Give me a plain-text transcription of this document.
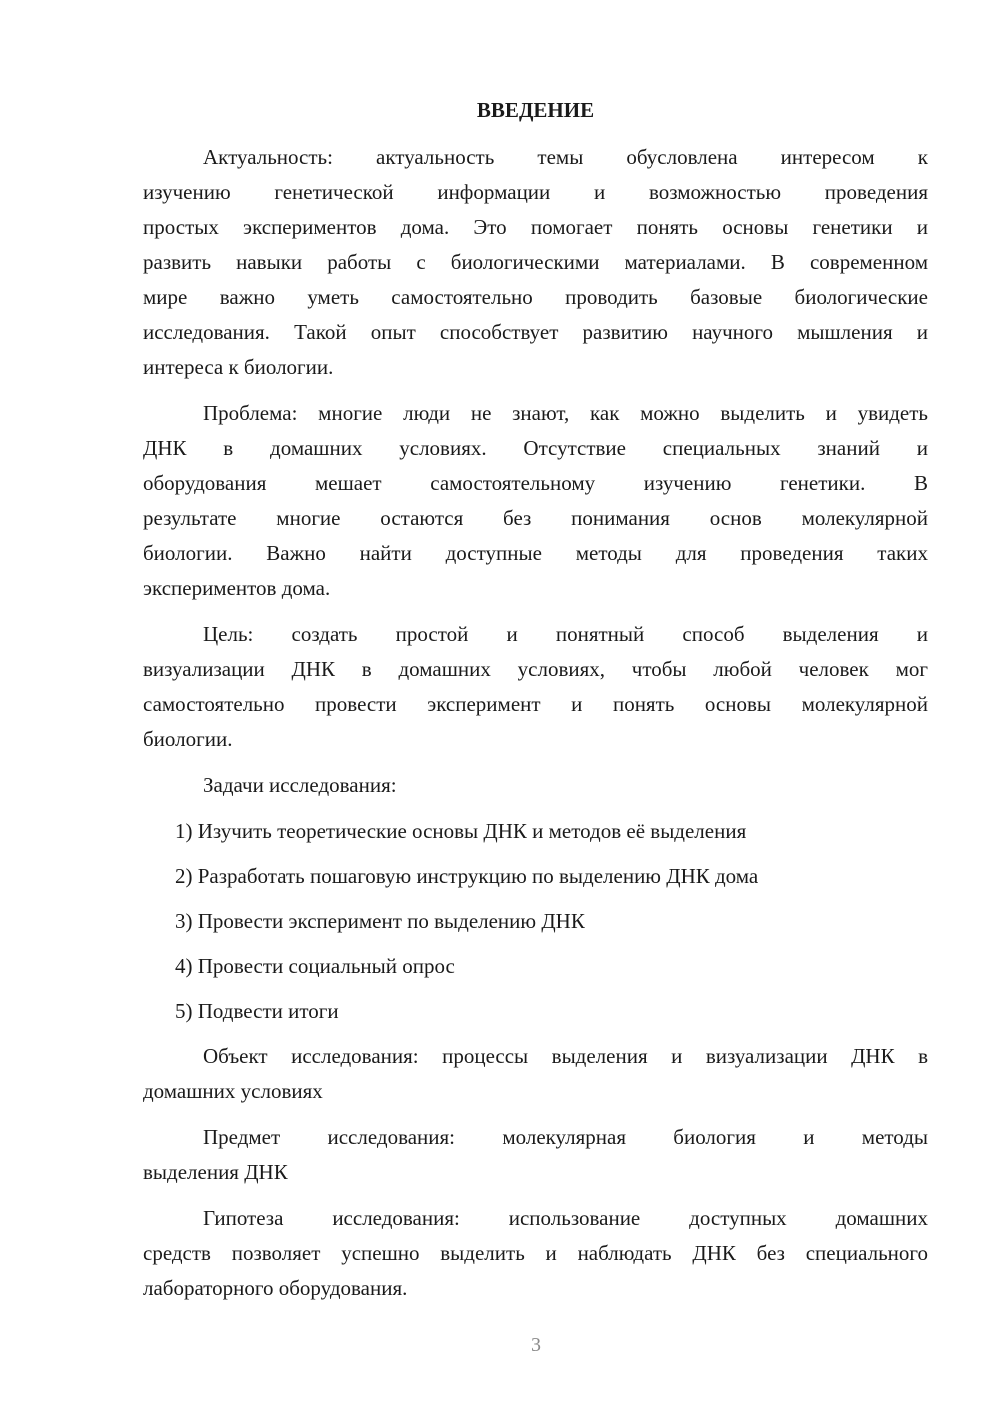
ВВЕДЕНИЕ
Актуальность: актуальность темы обусловлена интересом к
изучению генетической информации и возможностью проведения
простых экспериментов дома. Это помогает понять основы генетики и
развить навыки работы с биологическими материалами. В современном
мире важно уметь самостоятельно проводить базовые биологические
исследования. Такой опыт способствует развитию научного мышления и
интереса к биологии.
Проблема: многие люди не знают, как можно выделить и увидеть
ДНК в домашних условиях. Отсутствие специальных знаний и
оборудования мешает самостоятельному изучению генетики. В
результате многие остаются без понимания основ молекулярной
биологии. Важно найти доступные методы для проведения таких
экспериментов дома.
Цель: создать простой и понятный способ выделения и
визуализации ДНК в домашних условиях, чтобы любой человек мог
самостоятельно провести эксперимент и понять основы молекулярной
биологии.
Задачи исследования:
1) Изучить теоретические основы ДНК и методов её выделения
2) Разработать пошаговую инструкцию по выделению ДНК дома
3) Провести эксперимент по выделению ДНК
4) Провести социальный опрос
5) Подвести итоги
Объект исследования: процессы выделения и визуализации ДНК в
домашних условиях
Предмет исследования: молекулярная биология и методы
выделения ДНК
Гипотеза исследования: использование доступных домашних
средств позволяет успешно выделить и наблюдать ДНК без специального
лабораторного оборудования.
3
